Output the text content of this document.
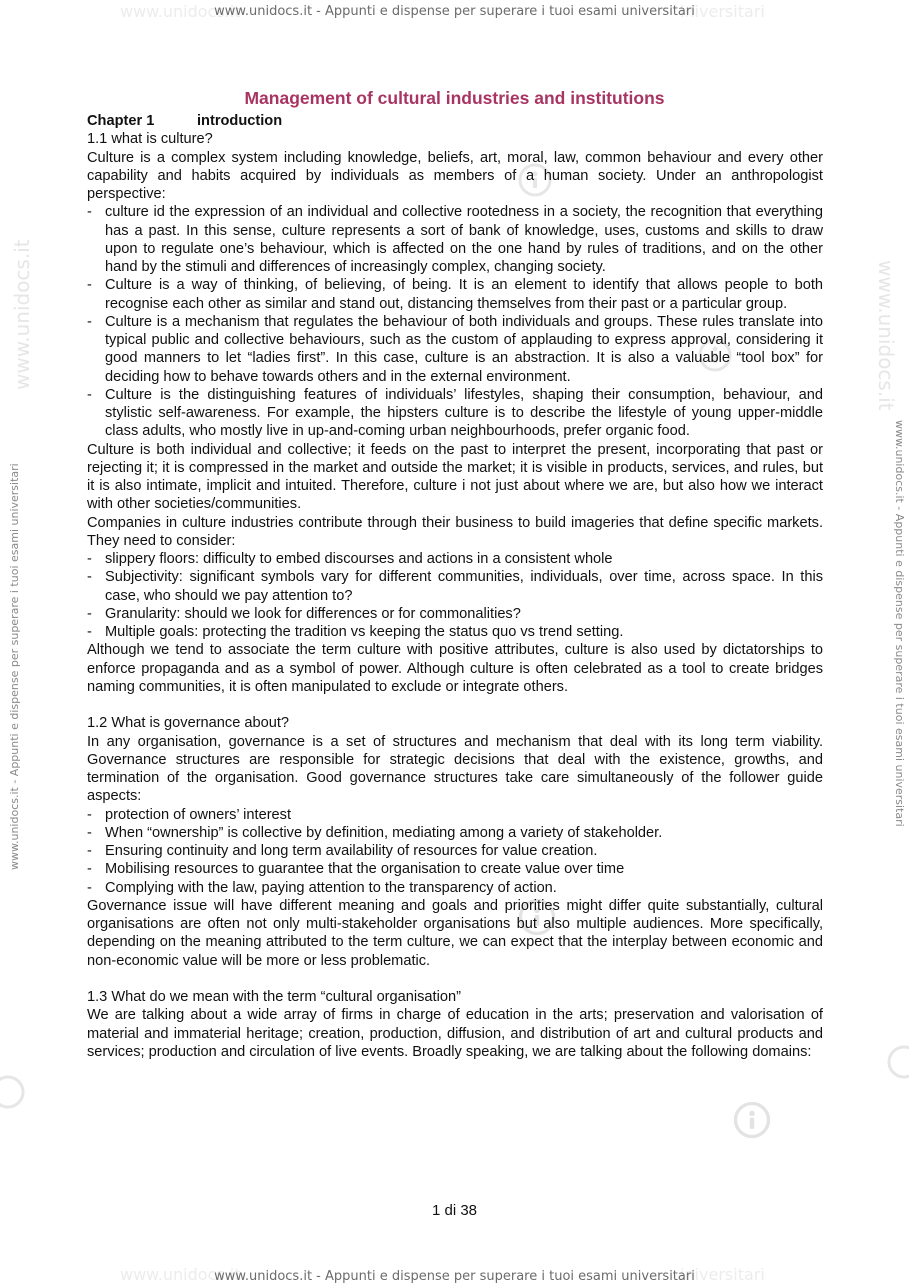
www.unidocs.it	iniversitari
www.unidocs.it	iniversitari
www.unidocs.it - Appunti e dispense per superare i tuoi esami universitari
www.unidocs.it - Appunti e dispense per superare i tuoi esami universitari
www.unidocs.it - Appunti e dispense per superare i tuoi esami universitari	www.unidocs.it - Appunti e dispense per superare i tuoi esami universitari
www.unidocs.it	www.unidocs.it
Management of cultural industries and institutions

Chapter 1	introduction

1.1 what is culture?

Culture is a complex system including knowledge, beliefs, art, moral, law, common behaviour and every other capability and habits acquired by individuals as members of a human society. Under an anthropologist perspective:

- culture id the expression of an individual and collective rootedness in a society, the recognition that everything has a past. In this sense, culture represents a sort of bank of knowledge, uses, customs and skills to draw upon to regulate one’s behaviour, which is affected on the one hand by rules of traditions, and on the other hand by the stimuli and differences of increasingly complex, changing society.
- Culture is a way of thinking, of believing, of being. It is an element to identify that allows people to both recognise each other as similar and stand out, distancing themselves from their past or a particular group.
- Culture is a mechanism that regulates the behaviour of both individuals and groups. These rules translate into typical public and collective behaviours, such as the custom of applauding to express approval, considering it good manners to let “ladies first”. In this case, culture is an abstraction. It is also a valuable “tool box” for deciding how to behave towards others and in the external environment.
- Culture is the distinguishing features of individuals’ lifestyles, shaping their consumption, behaviour, and stylistic self-awareness. For example, the hipsters culture is to describe the lifestyle of young upper-middle class adults, who mostly live in up-and-coming urban neighbourhoods, prefer organic food.

Culture is both individual and collective; it feeds on the past to interpret the present, incorporating that past or rejecting it; it is compressed in the market and outside the market; it is visible in products, services, and rules, but it is also intimate, implicit and intuited. Therefore, culture i not just about where we are, but also how we interact with other societies/communities.

Companies in culture industries contribute through their business to build imageries that define specific markets. They need to consider:

- slippery floors: difficulty to embed discourses and actions in a consistent whole
- Subjectivity: significant symbols vary for different communities, individuals, over time, across space. In this case, who should we pay attention to?
- Granularity: should we look for differences or for commonalities?
- Multiple goals: protecting the tradition vs keeping the status quo vs trend setting.

Although we tend to associate the term culture with positive attributes, culture is also used by dictatorships to enforce propaganda and as a symbol of power. Although culture is often celebrated as a tool to create bridges naming communities, it is often manipulated to exclude or integrate others.

1.2 What is governance about?

In any organisation, governance is a set of structures and mechanism that deal with its long term viability. Governance structures are responsible for strategic decisions that deal with the existence, growths, and termination of the organisation. Good governance structures take care simultaneously of the follower guide aspects:

- protection of owners’ interest
- When “ownership” is collective by definition, mediating among a variety of stakeholder.
- Ensuring continuity and long term availability of resources for value creation.
- Mobilising resources to guarantee that the organisation to create value over time
- Complying with the law, paying attention to the transparency of action.

Governance issue will have different meaning and goals and priorities might differ quite substantially, cultural organisations are often not only multi-stakeholder organisations but also multiple audiences. More specifically, depending on the meaning attributed to the term culture, we can expect that the interplay between economic and non-economic value will be more or less problematic.

1.3 What do we mean with the term “cultural organisation”

We are talking about a wide array of firms in charge of education in the arts; preservation and valorisation of material and immaterial heritage; creation, production, diffusion, and distribution of art and cultural products and services; production and circulation of live events. Broadly speaking, we are talking about the following domains:

1 di 38
